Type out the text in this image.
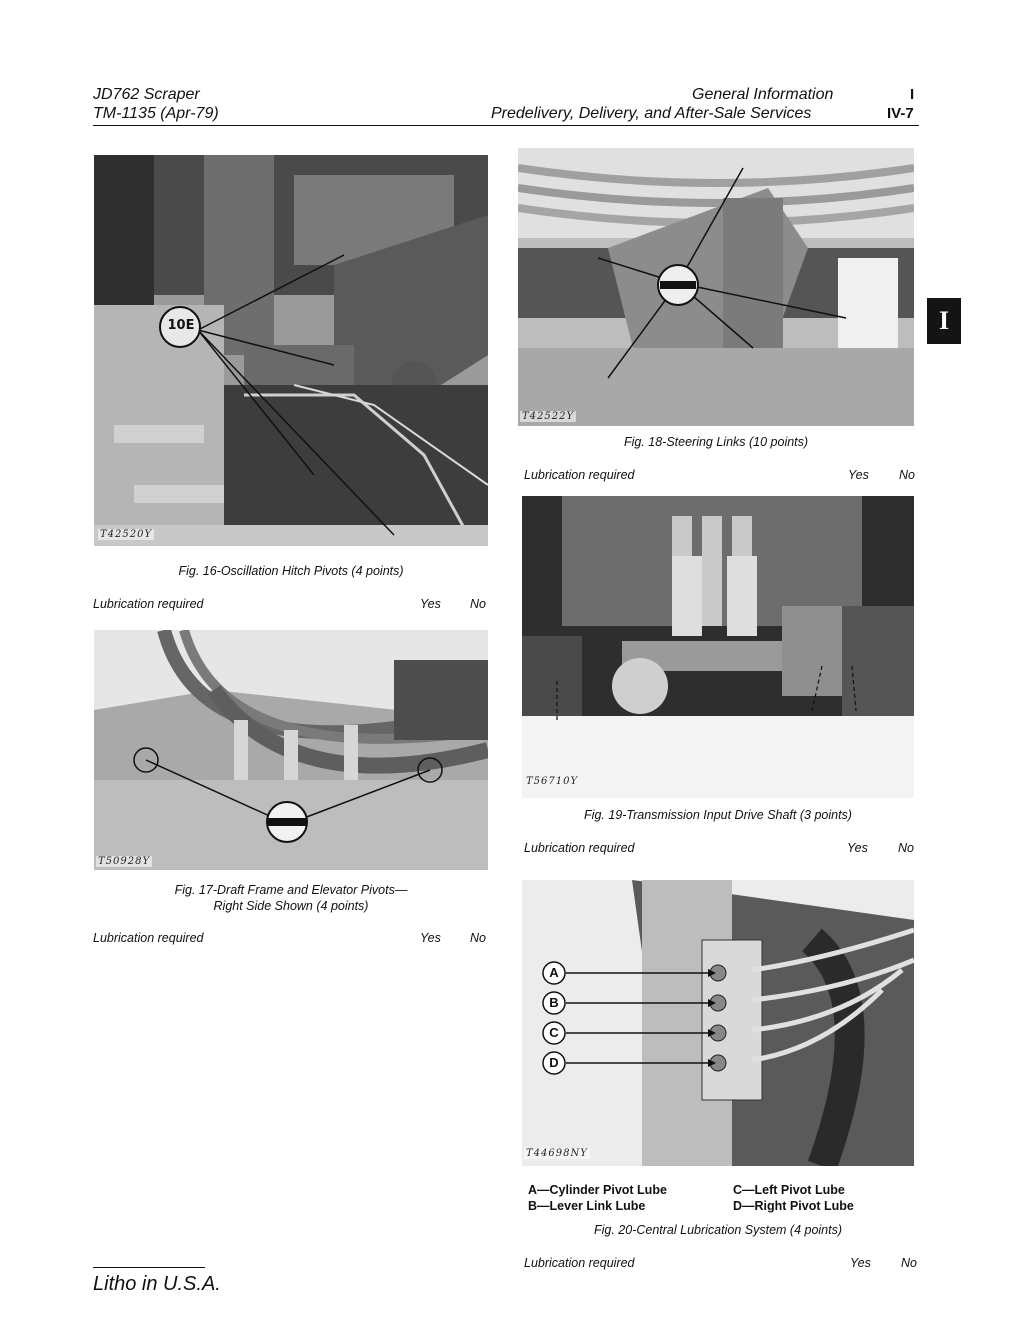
JD762 Scraper
TM-1135 (Apr-79)
General Information
Predelivery, Delivery, and After-Sale Services
I
IV-7
I
10E
T42520Y
Fig. 16-Oscillation Hitch Pivots (4 points)
Lubrication required	Yes No
T50928Y
Fig. 17-Draft Frame and Elevator Pivots—
Right Side Shown (4 points)
Lubrication required	Yes No
T42522Y
Fig. 18-Steering Links (10 points)
Lubrication required	Yes No
T56710Y
Fig. 19-Transmission Input Drive Shaft (3 points)
Lubrication required	Yes No
A
B
C
D
T44698NY
A—Cylinder Pivot Lube
B—Lever Link Lube
C—Left Pivot Lube
D—Right Pivot Lube
Fig. 20-Central Lubrication System (4 points)
Lubrication required	Yes No
Litho in U.S.A.
